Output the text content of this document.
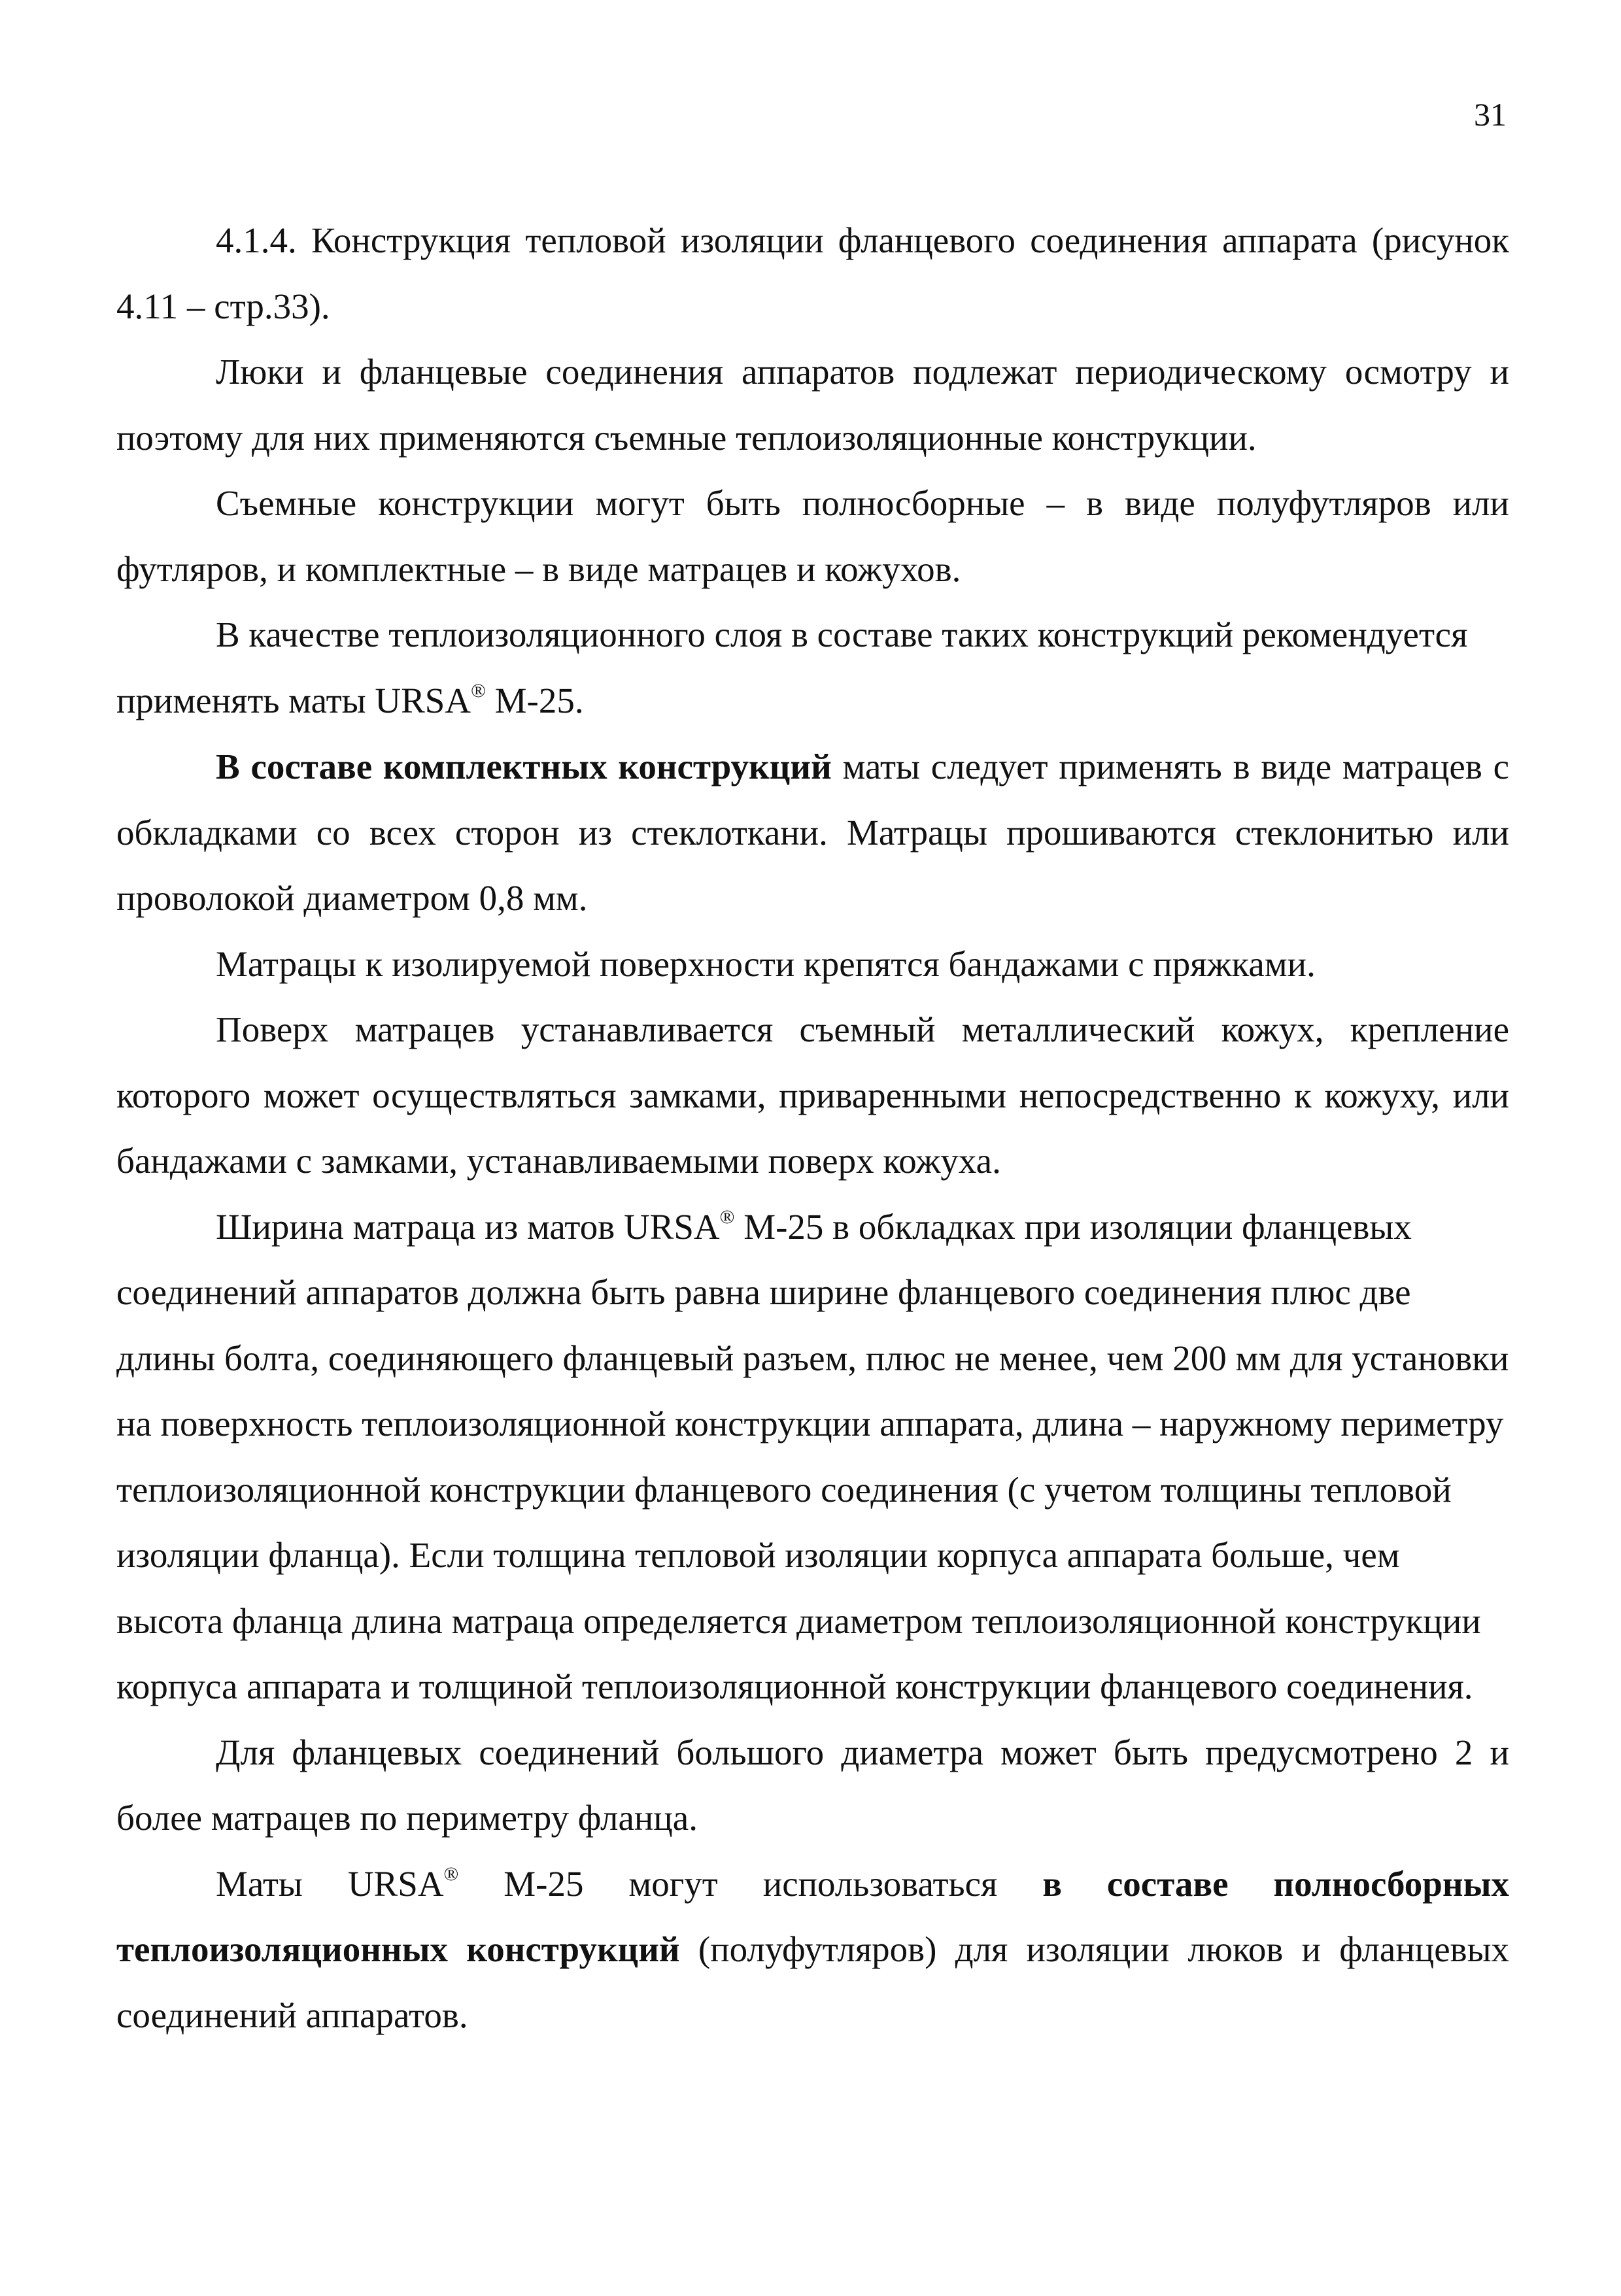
31

4.1.4. Конструкция тепловой изоляции фланцевого соединения аппарата (рисунок 4.11 – стр.33).

Люки и фланцевые соединения аппаратов подлежат периодическому осмотру и поэтому для них применяются съемные теплоизоляционные конструкции.

Съемные конструкции могут быть полносборные – в виде полуфутляров или футляров, и комплектные – в виде матрацев и кожухов.

В качестве теплоизоляционного слоя в составе таких конструкций рекомендуется применять маты URSA® М-25.

В составе комплектных конструкций маты следует применять в виде матрацев с обкладками со всех сторон из стеклоткани. Матрацы прошиваются стеклонитью или проволокой диаметром 0,8 мм.

Матрацы к изолируемой поверхности крепятся бандажами с пряжками.

Поверх матрацев устанавливается съемный металлический кожух, крепление которого может осуществляться замками, приваренными непосредственно к кожуху, или бандажами с замками, устанавливаемыми поверх кожуха.

Ширина матраца из матов URSA® М-25 в обкладках при изоляции фланцевых соединений аппаратов должна быть равна ширине фланцевого соединения плюс две длины болта, соединяющего фланцевый разъем, плюс не менее, чем 200 мм для установки на поверхность теплоизоляционной конструкции аппарата, длина – наружному периметру теплоизоляционной конструкции фланцевого соединения (с учетом толщины тепловой изоляции фланца). Если толщина тепловой изоляции корпуса аппарата больше, чем высота фланца длина матраца определяется диаметром теплоизоляционной конструкции корпуса аппарата и толщиной теплоизоляционной конструкции фланцевого соединения.

Для фланцевых соединений большого диаметра может быть предусмотрено 2 и более матрацев по периметру фланца.

Маты URSA® М-25 могут использоваться в составе полносборных теплоизоляционных конструкций (полуфутляров) для изоляции люков и фланцевых соединений аппаратов.
